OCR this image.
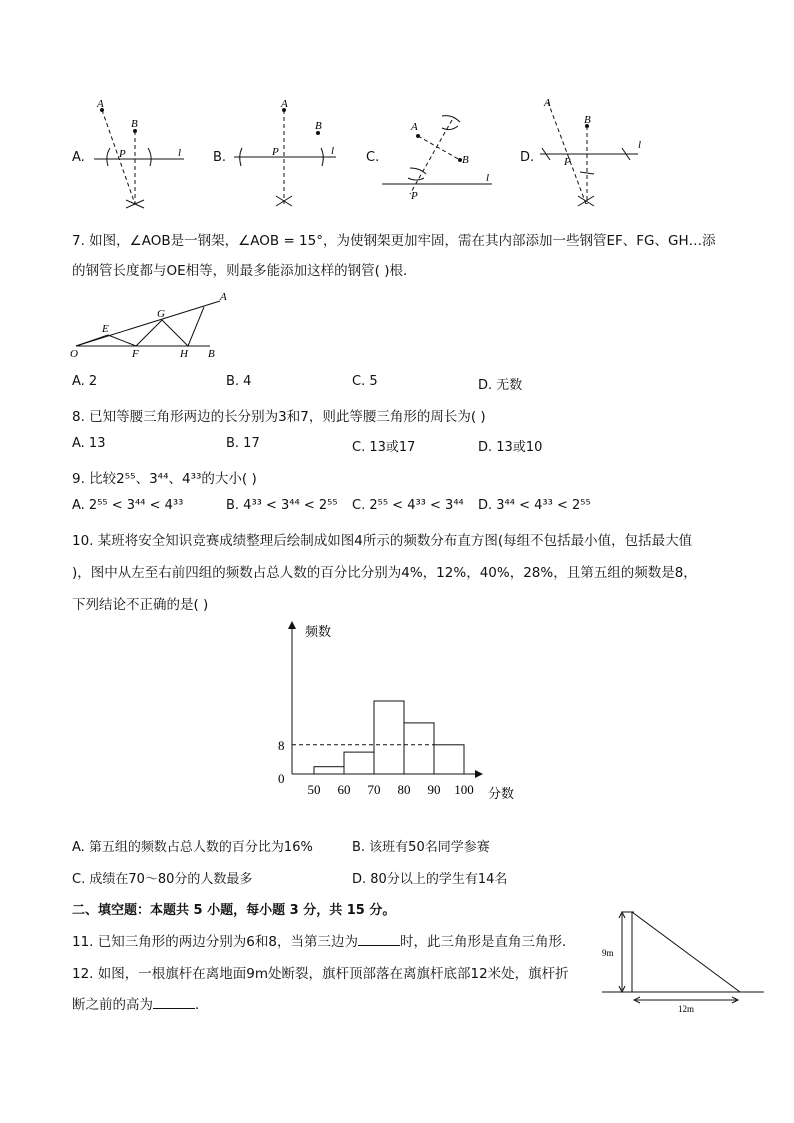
A.
A
B
P	l B.
A
B
P	l C.
A
B
P
l
D.
A
B
P
l
7. 如图，∠AOB是一钢架，∠AOB = 15°，为使钢架更加牢固，需在其内部添加一些钢管EF、FG、GH…添
的钢管长度都与OE相等，则最多能添加这样的钢管( )根．
O
E
F
G
H
A
B
A. 2	B. 4	C. 5	D. 无数
8. 已知等腰三角形两边的长分别为3和7，则此等腰三角形的周长为( )
A. 13	B. 17	C. 13或17	D. 13或10
9. 比较2⁵⁵、3⁴⁴、4³³的大小( )
A. 2⁵⁵ < 3⁴⁴ < 4³³	B. 4³³ < 3⁴⁴ < 2⁵⁵ C. 2⁵⁵ < 4³³ < 3⁴⁴ D. 3⁴⁴ < 4³³ < 2⁵⁵
10. 某班将安全知识竞赛成绩整理后绘制成如图4所示的频数分布直方图(每组不包括最小值，包括最大值
)，图中从左至右前四组的频数占总人数的百分比分别为4%，12%，40%，28%，且第五组的频数是8，
下列结论不正确的是( )
频数
分数
0
8
50 60 70 80 90 100
A. 第五组的频数占总人数的百分比为16%	B. 该班有50名同学参赛
C. 成绩在70～80分的人数最多	D. 80分以上的学生有14名
二、填空题：本题共 5 小题，每小题 3 分，共 15 分。
11. 已知三角形的两边分别为6和8，当第三边为	时，此三角形是直角三角形．
12. 如图，一根旗杆在离地面9m处断裂，旗杆顶部落在离旗杆底部12米处，旗杆折
断之前的高为	．
9m
12m
